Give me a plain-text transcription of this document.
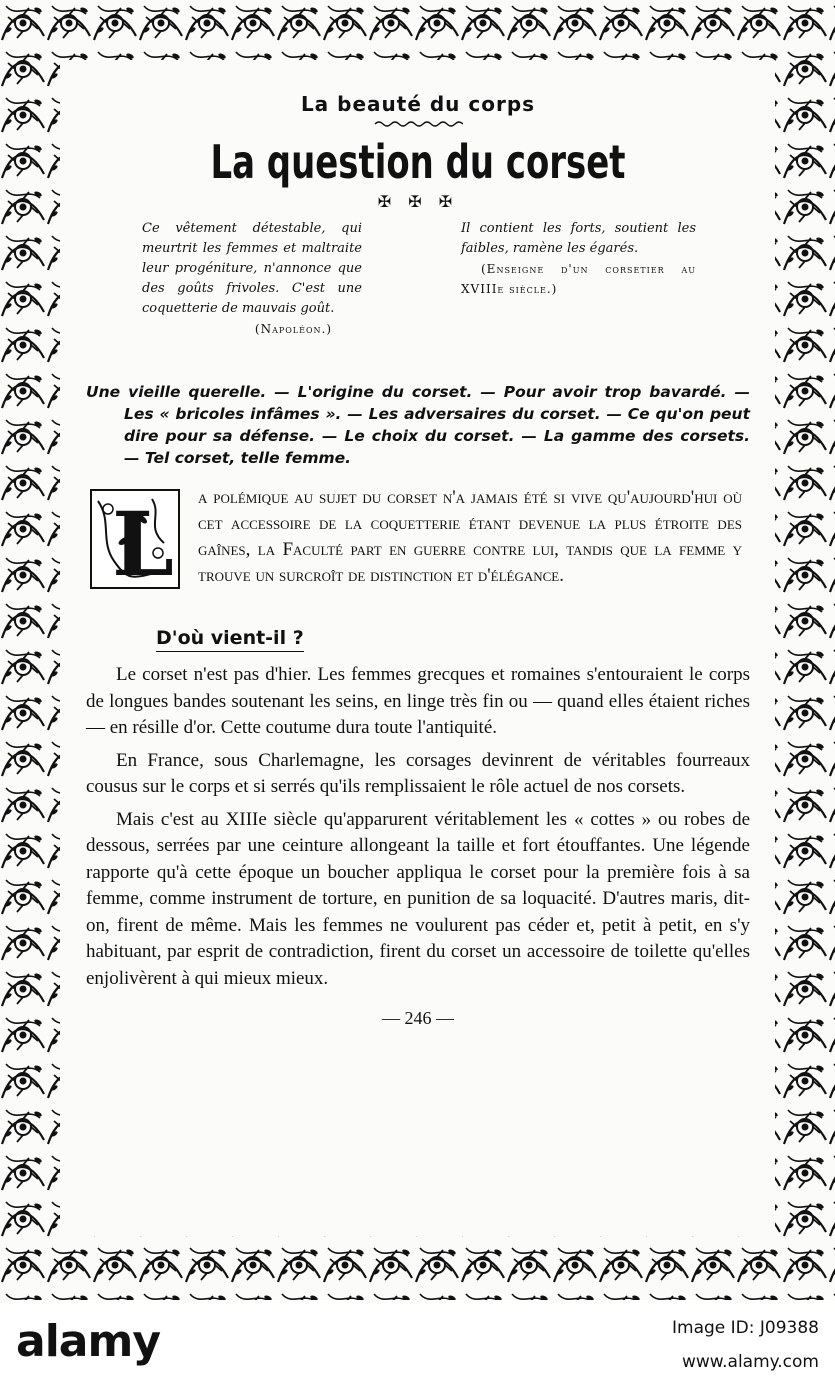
La beauté du corps
La question du corset
✠ ✠ ✠
Ce vêtement détestable, qui meurtrit les femmes et maltraite leur progéniture, n'annonce que des goûts frivoles. C'est une coquetterie de mauvais goût.
(Napoléon.)
Il contient les forts, soutient les faibles, ramène les égarés.
(Enseigne d'un corsetier au XVIIIe siècle.)
Une vieille querelle. — L'origine du corset. — Pour avoir trop bavardé. — Les « bricoles infâmes ». — Les adversaires du corset. — Ce qu'on peut dire pour sa défense. — Le choix du corset. — La gamme des corsets. — Tel corset, telle femme.
L a polémique au sujet du corset n'a jamais été si vive qu'aujourd'hui où cet accessoire de la coquetterie étant devenue la plus étroite des gaînes, la Faculté part en guerre contre lui, tandis que la femme y trouve un surcroît de distinction et d'élégance.
D'où vient-il ?

Le corset n'est pas d'hier. Les femmes grecques et romaines s'entouraient le corps de longues bandes soutenant les seins, en linge très fin ou — quand elles étaient riches — en résille d'or. Cette coutume dura toute l'antiquité.

En France, sous Charlemagne, les corsages devinrent de véritables fourreaux cousus sur le corps et si serrés qu'ils remplissaient le rôle actuel de nos corsets.

Mais c'est au XIIIe siècle qu'apparurent véritablement les « cottes » ou robes de dessous, serrées par une ceinture allongeant la taille et fort étouffantes. Une légende rapporte qu'à cette époque un boucher appliqua le corset pour la première fois à sa femme, comme instrument de torture, en punition de sa loquacité. D'autres maris, dit-on, firent de même. Mais les femmes ne voulurent pas céder et, petit à petit, en s'y habituant, par esprit de contradiction, firent du corset un accessoire de toilette qu'elles enjolivèrent à qui mieux mieux.

— 246 —
alamy	Image ID: J09388
www.alamy.com
